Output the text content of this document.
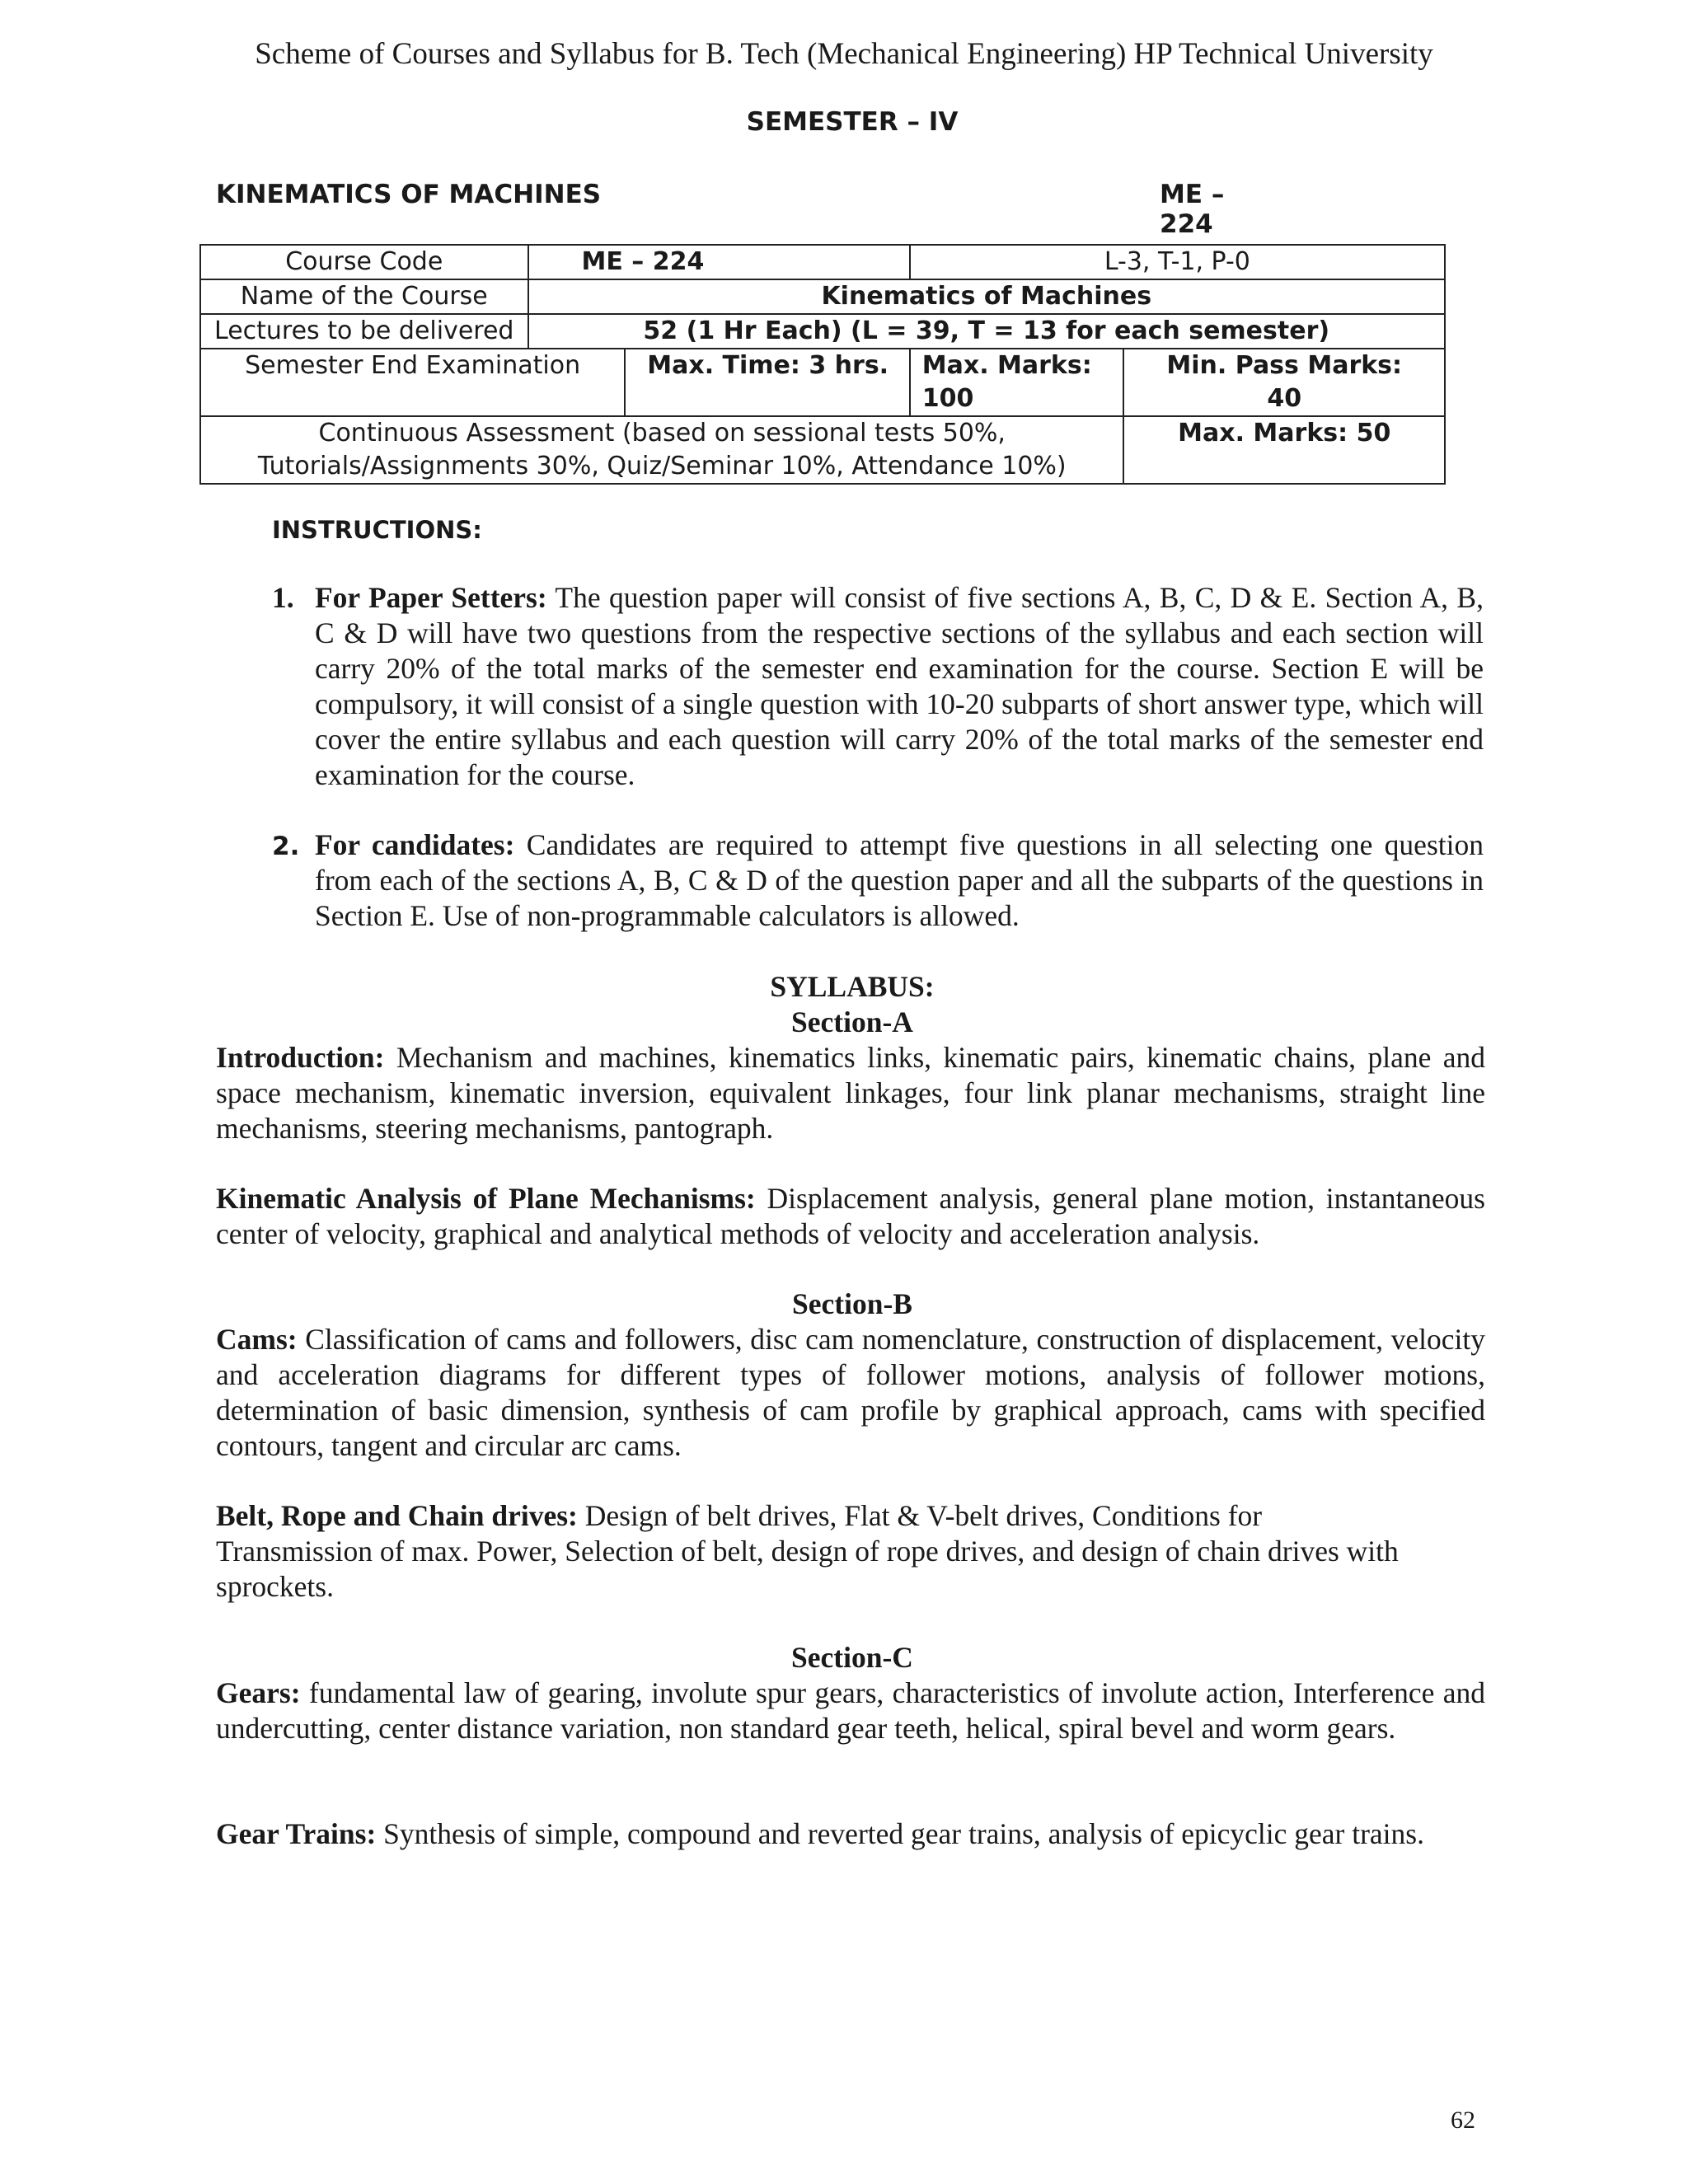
Scheme of Courses and Syllabus for B. Tech (Mechanical Engineering) HP Technical University
SEMESTER – IV
KINEMATICS OF MACHINES	ME – 224
Course Code	ME – 224		L-3, T-1, P-0	
Name of the Course	Kinematics of Machines			
Lectures to be delivered	52 (1 Hr Each) (L = 39, T = 13 for each semester)			
Semester End Examination		Max. Time: 3 hrs.	Max. Marks: 100	Min. Pass Marks: 40
Continuous Assessment (based on sessional tests 50%, Tutorials/Assignments 30%, Quiz/Seminar 10%, Attendance 10%)				Max. Marks: 50
INSTRUCTIONS:
1. For Paper Setters: The question paper will consist of five sections A, B, C, D & E. Section A, B, C & D will have two questions from the respective sections of the syllabus and each section will carry 20% of the total marks of the semester end examination for the course. Section E will be compulsory, it will consist of a single question with 10-20 subparts of short answer type, which will cover the entire syllabus and each question will carry 20% of the total marks of the semester end examination for the course.

2. For candidates: Candidates are required to attempt five questions in all selecting one question from each of the sections A, B, C & D of the question paper and all the subparts of the questions in Section E. Use of non-programmable calculators is allowed.

SYLLABUS:
Section-A

Introduction: Mechanism and machines, kinematics links, kinematic pairs, kinematic chains, plane and space mechanism, kinematic inversion, equivalent linkages, four link planar mechanisms, straight line mechanisms, steering mechanisms, pantograph.

Kinematic Analysis of Plane Mechanisms: Displacement analysis, general plane motion, instantaneous center of velocity, graphical and analytical methods of velocity and acceleration analysis.

Section-B

Cams: Classification of cams and followers, disc cam nomenclature, construction of displacement, velocity and acceleration diagrams for different types of follower motions, analysis of follower motions, determination of basic dimension, synthesis of cam profile by graphical approach, cams with specified contours, tangent and circular arc cams.

Belt, Rope and Chain drives: Design of belt drives, Flat & V-belt drives, Conditions for

Transmission of max. Power, Selection of belt, design of rope drives, and design of chain drives with

sprockets.

Section-C

Gears: fundamental law of gearing, involute spur gears, characteristics of involute action, Interference and undercutting, center distance variation, non standard gear teeth, helical, spiral bevel and worm gears.

Gear Trains: Synthesis of simple, compound and reverted gear trains, analysis of epicyclic gear trains.

62
